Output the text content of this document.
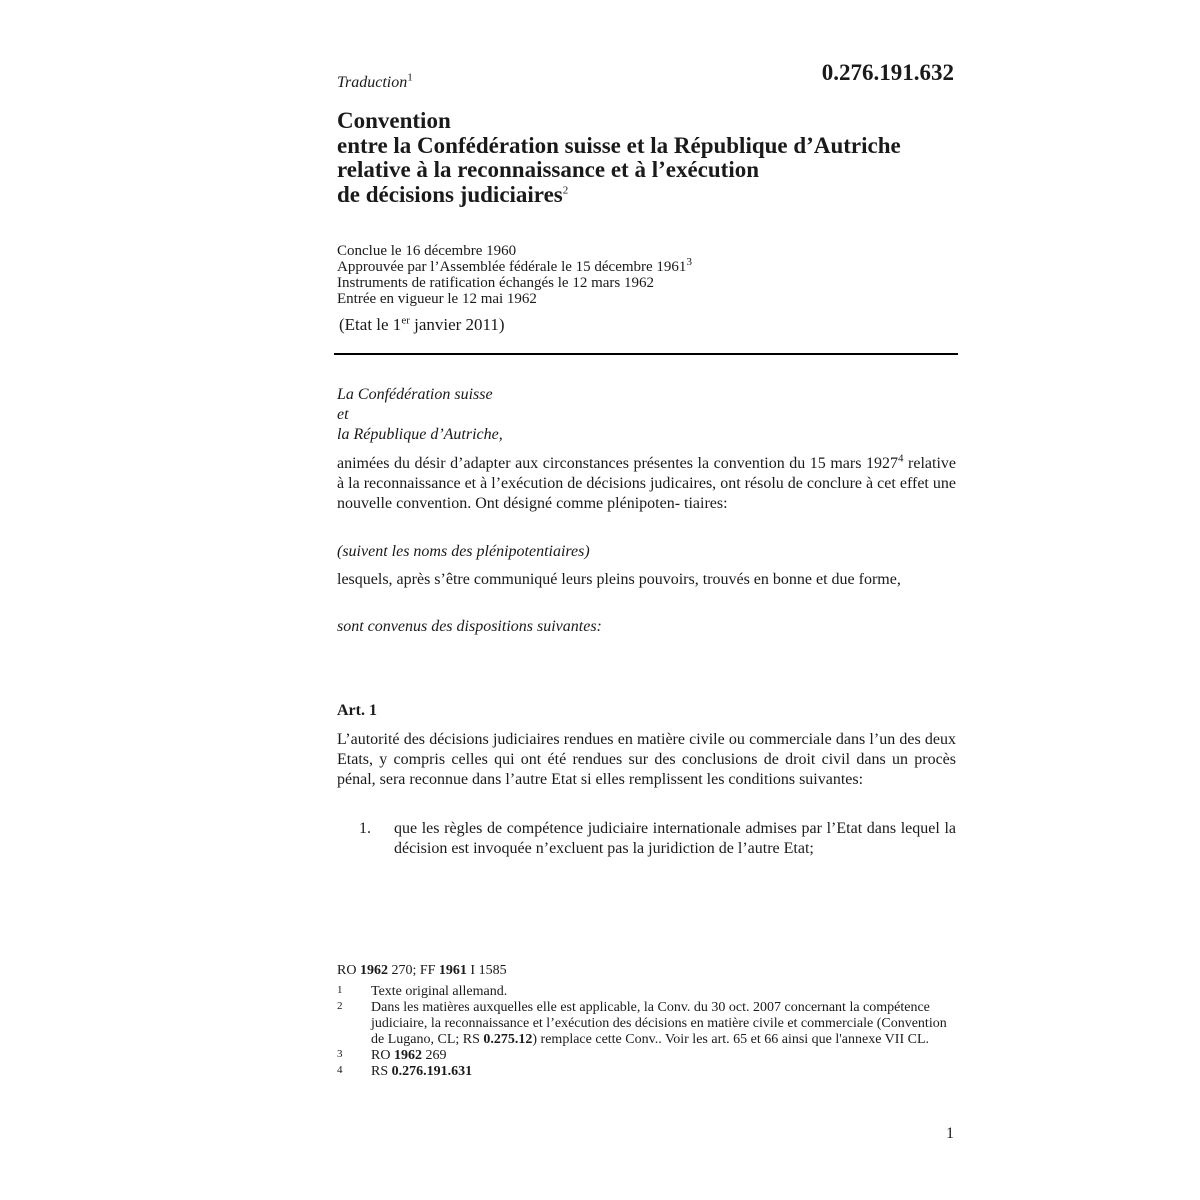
Traduction$^1$	0.276.191.632
Convention
entre la Confédération suisse et la République d’Autriche
relative à la reconnaissance et à l’exécution
de décisions judiciaires$^2$
Conclue le 16 décembre 1960
Approuvée par l’Assemblée fédérale le 15 décembre 1961$^3$
Instruments de ratification échangés le 12 mars 1962
Entrée en vigueur le 12 mai 1962
(Etat le 1er janvier 2011)
La Confédération suisse
et
la République d’Autriche,
animées du désir d’adapter aux circonstances présentes la convention du 15 mars 1927$^4$ relative à la reconnaissance et à l’exécution de décisions judicaires, ont résolu de conclure à cet effet une nouvelle convention. Ont désigné comme plénipoten- tiaires:
(suivent les noms des plénipotentiaires)
lesquels, après s’être communiqué leurs pleins pouvoirs, trouvés en bonne et due forme,
sont convenus des dispositions suivantes:
Art. 1
L’autorité des décisions judiciaires rendues en matière civile ou commerciale dans l’un des deux Etats, y compris celles qui ont été rendues sur des conclusions de droit civil dans un procès pénal, sera reconnue dans l’autre Etat si elles remplissent les conditions suivantes:
1. que les règles de compétence judiciaire internationale admises par l’Etat dans lequel la décision est invoquée n’excluent pas la juridiction de l’autre Etat;
RO 1962 270; FF 1961 I 1585
1 Texte original allemand.
2 Dans les matières auxquelles elle est applicable, la Conv. du 30 oct. 2007 concernant la compétence judiciaire, la reconnaissance et l’exécution des décisions en matière civile et commerciale (Convention de Lugano, CL; RS 0.275.12) remplace cette Conv.. Voir les art. 65 et 66 ainsi que l'annexe VII CL.
3 RO 1962 269
4 RS 0.276.191.631
1
